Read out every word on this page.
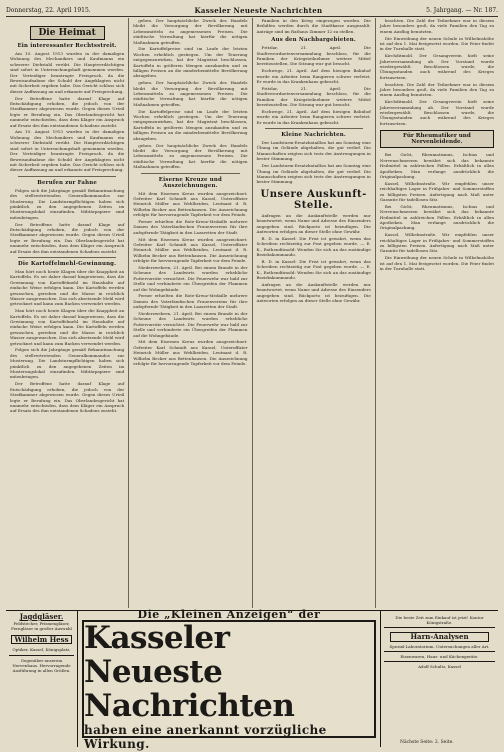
Donnerstag, 22. April 1915.	Kasseler Neueste Nachrichten	5. Jahrgang. — Nr. 187.
Die Heimat
Ein interessanter Rechtsstreit.

Am 10. August 1913 wurden in der damaligen Wohnung des Mechanikers und Kaufmanns ein schwerer Diebstahl verübt. Die Hauptverdächtigen sind sofort in Untersuchungshaft genommen worden. Der Verteidiger beantragte Freispruch, da die Beweisaufnahme die Schuld der Angeklagten nicht mit Sicherheit ergeben habe. Das Gericht schloss sich dieser Auffassung an und erkannte auf Freisprechung.

Der Betroffene hatte darauf Klage auf Entschädigung erhoben, die jedoch von der Strafkammer abgewiesen wurde. Gegen dieses Urteil legte er Berufung ein. Das Oberlandesgericht hat nunmehr entschieden, dass dem Kläger ein Anspruch auf Ersatz des ihm entstandenen Schadens zusteht.

Am 10. August 1913 wurden in der damaligen Wohnung des Mechanikers und Kaufmanns ein schwerer Diebstahl verübt. Die Hauptverdächtigen sind sofort in Untersuchungshaft genommen worden. Der Verteidiger beantragte Freispruch, da die Beweisaufnahme die Schuld der Angeklagten nicht mit Sicherheit ergeben habe. Das Gericht schloss sich dieser Auffassung an und erkannte auf Freisprechung.

Berufen zur Fahne

Folgen sich die Jahrgänge gemäß Bekanntmachung des stellvertretenden Generalkommandos zur Musterung. Die Landsturmpflichtigen haben sich pünktlich zu den angegebenen Zeiten im Musterungslokal einzufinden. Militärpapiere sind mitzubringen.

Der Betroffene hatte darauf Klage auf Entschädigung erhoben, die jedoch von der Strafkammer abgewiesen wurde. Gegen dieses Urteil legte er Berufung ein. Das Oberlandesgericht hat nunmehr entschieden, dass dem Kläger ein Anspruch auf Ersatz des ihm entstandenen Schadens zusteht.

Die Kartoffelmehl-Gewinnung.

Man hört noch heute Klagen über die Knappheit an Kartoffeln. Es sei daher darauf hingewiesen, dass die Gewinnung von Kartoffelmehl im Haushalte auf einfache Weise erfolgen kann. Die Kartoffeln werden gewaschen, gerieben und die Masse in reichlich Wasser ausgewaschen. Das sich absetzende Mehl wird getrocknet und kann zum Backen verwendet werden.

Man hört noch heute Klagen über die Knappheit an Kartoffeln. Es sei daher darauf hingewiesen, dass die Gewinnung von Kartoffelmehl im Haushalte auf einfache Weise erfolgen kann. Die Kartoffeln werden gewaschen, gerieben und die Masse in reichlich Wasser ausgewaschen. Das sich absetzende Mehl wird getrocknet und kann zum Backen verwendet werden.

Folgen sich die Jahrgänge gemäß Bekanntmachung des stellvertretenden Generalkommandos zur Musterung. Die Landsturmpflichtigen haben sich pünktlich zu den angegebenen Zeiten im Musterungslokal einzufinden. Militärpapiere sind mitzubringen.

Der Betroffene hatte darauf Klage auf Entschädigung erhoben, die jedoch von der Strafkammer abgewiesen wurde. Gegen dieses Urteil legte er Berufung ein. Das Oberlandesgericht hat nunmehr entschieden, dass dem Kläger ein Anspruch auf Ersatz des ihm entstandenen Schadens zusteht.

gehen. Der hauptsächliche Zweck des Handels bleibt die Versorgung der Bevölkerung mit Lebensmitteln zu angemessenen Preisen. Die städtische Verwaltung hat hierfür die nötigen Maßnahmen getroffen.

Die Kartoffelpreise sind im Laufe der letzten Wochen erheblich gestiegen. Um der Teuerung entgegenzuwirken, hat der Magistrat beschlossen, Kartoffeln in größeren Mengen anzukaufen und zu billigen Preisen an die minderbemittelte Bevölkerung abzugeben.

gehen. Der hauptsächliche Zweck des Handels bleibt die Versorgung der Bevölkerung mit Lebensmitteln zu angemessenen Preisen. Die städtische Verwaltung hat hierfür die nötigen Maßnahmen getroffen.

Die Kartoffelpreise sind im Laufe der letzten Wochen erheblich gestiegen. Um der Teuerung entgegenzuwirken, hat der Magistrat beschlossen, Kartoffeln in größeren Mengen anzukaufen und zu billigen Preisen an die minderbemittelte Bevölkerung abzugeben.

gehen. Der hauptsächliche Zweck des Handels bleibt die Versorgung der Bevölkerung mit Lebensmitteln zu angemessenen Preisen. Die städtische Verwaltung hat hierfür die nötigen Maßnahmen getroffen.

Eiserne Kreuze und Auszeichnungen.

Mit dem Eisernen Kreuz wurden ausgezeichnet: Gefreiter Karl Schmidt aus Kassel, Unteroffizier Heinrich Müller aus Wehlheiden, Leutnant d. R. Wilhelm Becker aus Bettenhausen. Die Auszeichnung erfolgte für hervorragende Tapferkeit vor dem Feinde.

Ferner erhielten die Rote-Kreuz-Medaille mehrere Damen des Vaterländischen Frauenvereins für ihre aufopfernde Tätigkeit in den Lazaretten der Stadt.

Mit dem Eisernen Kreuz wurden ausgezeichnet: Gefreiter Karl Schmidt aus Kassel, Unteroffizier Heinrich Müller aus Wehlheiden, Leutnant d. R. Wilhelm Becker aus Bettenhausen. Die Auszeichnung erfolgte für hervorragende Tapferkeit vor dem Feinde.

Niederzwehren, 21. April. Bei einem Brande in der Scheune des Landwirts wurden erhebliche Futtervorräte vernichtet. Die Feuerwehr war bald zur Stelle und verhinderte ein Übergreifen der Flammen auf die Wohngebäude.

Ferner erhielten die Rote-Kreuz-Medaille mehrere Damen des Vaterländischen Frauenvereins für ihre aufopfernde Tätigkeit in den Lazaretten der Stadt.

Niederzwehren, 21. April. Bei einem Brande in der Scheune des Landwirts wurden erhebliche Futtervorräte vernichtet. Die Feuerwehr war bald zur Stelle und verhinderte ein Übergreifen der Flammen auf die Wohngebäude.

Mit dem Eisernen Kreuz wurden ausgezeichnet: Gefreiter Karl Schmidt aus Kassel, Unteroffizier Heinrich Müller aus Wehlheiden, Leutnant d. R. Wilhelm Becker aus Bettenhausen. Die Auszeichnung erfolgte für hervorragende Tapferkeit vor dem Feinde.

Familien in den Krieg eingezogen worden. Die Beihilfen werden durch die Stadtkasse ausgezahlt. Anträge sind im Rathaus Zimmer 12 zu stellen.

Aus den Nachbargebieten.

Fritzlar, 21. April. Die Stadtverordnetenversammlung beschloss, für die Familien der Kriegsteilnehmer weitere Mittel bereitzustellen. Die Sitzung war gut besucht.

Eschwege, 21. April. Auf dem hiesigen Bahnhof wurde ein Arbeiter beim Rangieren schwer verletzt. Er wurde in das Krankenhaus gebracht.

Fritzlar, 21. April. Die Stadtverordnetenversammlung beschloss, für die Familien der Kriegsteilnehmer weitere Mittel bereitzustellen. Die Sitzung war gut besucht.

Eschwege, 21. April. Auf dem hiesigen Bahnhof wurde ein Arbeiter beim Rangieren schwer verletzt. Er wurde in das Krankenhaus gebracht.

Kleine Nachrichten.

Der Landsturm-Ersatzbataillon hat am Sonntag eine Übung im Gelände abgehalten, die gut verlief. Die Mannschaften zeigten sich trotz der Anstrengungen in bester Stimmung.

Der Landsturm-Ersatzbataillon hat am Sonntag eine Übung im Gelände abgehalten, die gut verlief. Die Mannschaften zeigten sich trotz der Anstrengungen in bester Stimmung.

Unsere Auskunft-Stelle.

Anfragen an die Auskunftstelle werden nur beantwortet, wenn Name und Adresse des Einsenders angegeben sind. Rückporto ist beizufügen. Die Antworten erfolgen an dieser Stelle ohne Gewähr.

B. D. in Kassel: Die Frist ist gewahrt, wenn das Schreiben rechtzeitig zur Post gegeben wurde. — E. K., Rothenditmold: Wenden Sie sich an das zuständige Bezirkskommando.

B. D. in Kassel: Die Frist ist gewahrt, wenn das Schreiben rechtzeitig zur Post gegeben wurde. — E. K., Rothenditmold: Wenden Sie sich an das zuständige Bezirkskommando.

Anfragen an die Auskunftstelle werden nur beantwortet, wenn Name und Adresse des Einsenders angegeben sind. Rückporto ist beizufügen. Die Antworten erfolgen an dieser Stelle ohne Gewähr.

brachten. Die Zahl der Teilnehmer war in diesem Jahre besonders groß, da viele Familien den Tag zu einem Ausflug benutzten.

Die Einweihung der neuen Schule in Wilhelmshöhe ist auf den 1. Mai festgesetzt worden. Die Feier findet in der Turnhalle statt.

Kirchditmold. Der Gesangverein hielt seine Jahresversammlung ab. Der Vorstand wurde wiedergewählt. Beschlossen wurde, die Übungsstunden auch während des Krieges fortzusetzen.

brachten. Die Zahl der Teilnehmer war in diesem Jahre besonders groß, da viele Familien den Tag zu einem Ausflug benutzten.

Kirchditmold. Der Gesangverein hielt seine Jahresversammlung ab. Der Vorstand wurde wiedergewählt. Beschlossen wurde, die Übungsstunden auch während des Krieges fortzusetzen.

Für Rheumatiker und Nervenleidende.

Bei Gicht, Rheumatismus, Ischias und Nervenschmerzen bewährt sich das bekannte Heilmittel in zahlreichen Fällen. Erhältlich in allen Apotheken. Man verlange ausdrücklich die Originalpackung.

Kassel, Wilhelmstraße. Wir empfehlen unser reichhaltiges Lager in Frühjahrs- und Sommerstoffen zu billigsten Preisen. Anfertigung nach Maß unter Garantie für tadellosen Sitz.

Bei Gicht, Rheumatismus, Ischias und Nervenschmerzen bewährt sich das bekannte Heilmittel in zahlreichen Fällen. Erhältlich in allen Apotheken. Man verlange ausdrücklich die Originalpackung.

Kassel, Wilhelmstraße. Wir empfehlen unser reichhaltiges Lager in Frühjahrs- und Sommerstoffen zu billigsten Preisen. Anfertigung nach Maß unter Garantie für tadellosen Sitz.

Die Einweihung der neuen Schule in Wilhelmshöhe ist auf den 1. Mai festgesetzt worden. Die Feier findet in der Turnhalle statt.

Jagdgläser.
Feldstecher, Prismengläser, Ferngläser in großer Auswahl
Wilhelm Hess
Optiker, Kassel, Königsplatz.
Gegenüber unserem Nervenhaus. Hervorragende Ausführung in allen Größen.
Die „Kleinen Anzeigen“ der
Kasseler Neueste Nachrichten
haben eine anerkannt vorzügliche Wirkung.
Die beste Zeit zum Einkauf ist jetzt! Kontor Königstraße.
Harn-Analysen
Spezial-Laboratorium. Untersuchungen aller Art.
Eisenwaren, Haus- und Küchengeräte.
Adolf Schultz, Kassel
Nächste Seite: 2. Seite.
